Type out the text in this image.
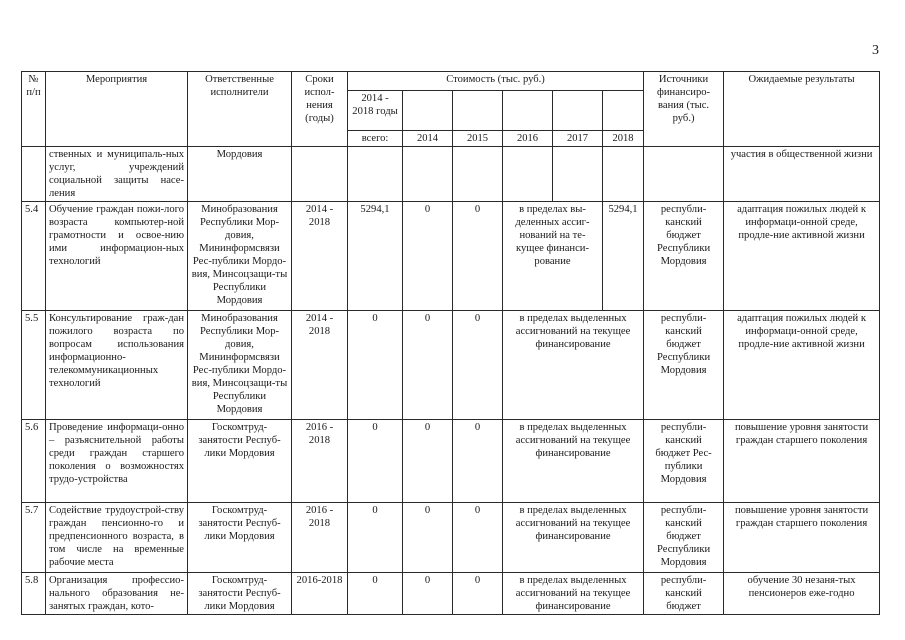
3
№ п/п	Мероприятия	Ответственные исполнители	Сроки испол-нения (годы)	Стоимость (тыс. руб.)						Источники финансиро-вания (тыс. руб.)	Ожидаемые результаты
				2014 - 2018 годы							
				всего:	2014	2015	2016	2017	2018		
	ственных и муниципаль-ных услуг, учреждений социальной защиты насе-ления	Мордовия									участия в общественной жизни
5.4	Обучение граждан пожи-лого возраста компьютер-ной грамотности и освое-нию ими информацион-ных технологий	Минобразования Республики Мор-довия, Мининформсвязи Рес-публики Мордо-вия, Минсоцзащи-ты Республики Мордовия	2014 - 2018	5294,1	0	0	в пределах вы-деленных ассиг-нований на те-кущее финанси-рование		5294,1	республи-канский бюджет Республики Мордовия	адаптация пожилых людей к информаци-онной среде, продле-ние активной жизни
5.5	Консультирование граж-дан пожилого возраста по вопросам использования информационно-телекоммуникационных технологий	Минобразования Республики Мор-довия, Мининформсвязи Рес-публики Мордо-вия, Минсоцзащи-ты Республики Мордовия	2014 - 2018	0	0	0	в пределах выделенных ассигнований на текущее финансирование			республи-канский бюджет Республики Мордовия	адаптация пожилых людей к информаци-онной среде, продле-ние активной жизни
5.6	Проведение информаци-онно – разъяснительной работы среди граждан старшего поколения о возможностях трудо-устройства	Госкомтруд-занятости Респуб-лики Мордовия	2016 - 2018	0	0	0	в пределах выделенных ассигнований на текущее финансирование			республи-канский бюджет Рес-публики Мордовия	повышение уровня занятости граждан старшего поколения
5.7	Содействие трудоустрой-ству граждан пенсионно-го и предпенсионного возраста, в том числе на временные рабочие места	Госкомтруд-занятости Респуб-лики Мордовия	2016 - 2018	0	0	0	в пределах выделенных ассигнований на текущее финансирование			республи-канский бюджет Республики Мордовия	повышение уровня занятости граждан старшего поколения
5.8	Организация профессио-нального образования не-занятых граждан, кото-	Госкомтруд-занятости Респуб-лики Мордовия	2016-2018	0	0	0	в пределах выделенных ассигнований на текущее финансирование			республи-канский бюджет	обучение 30 незаня-тых пенсионеров еже-годно
